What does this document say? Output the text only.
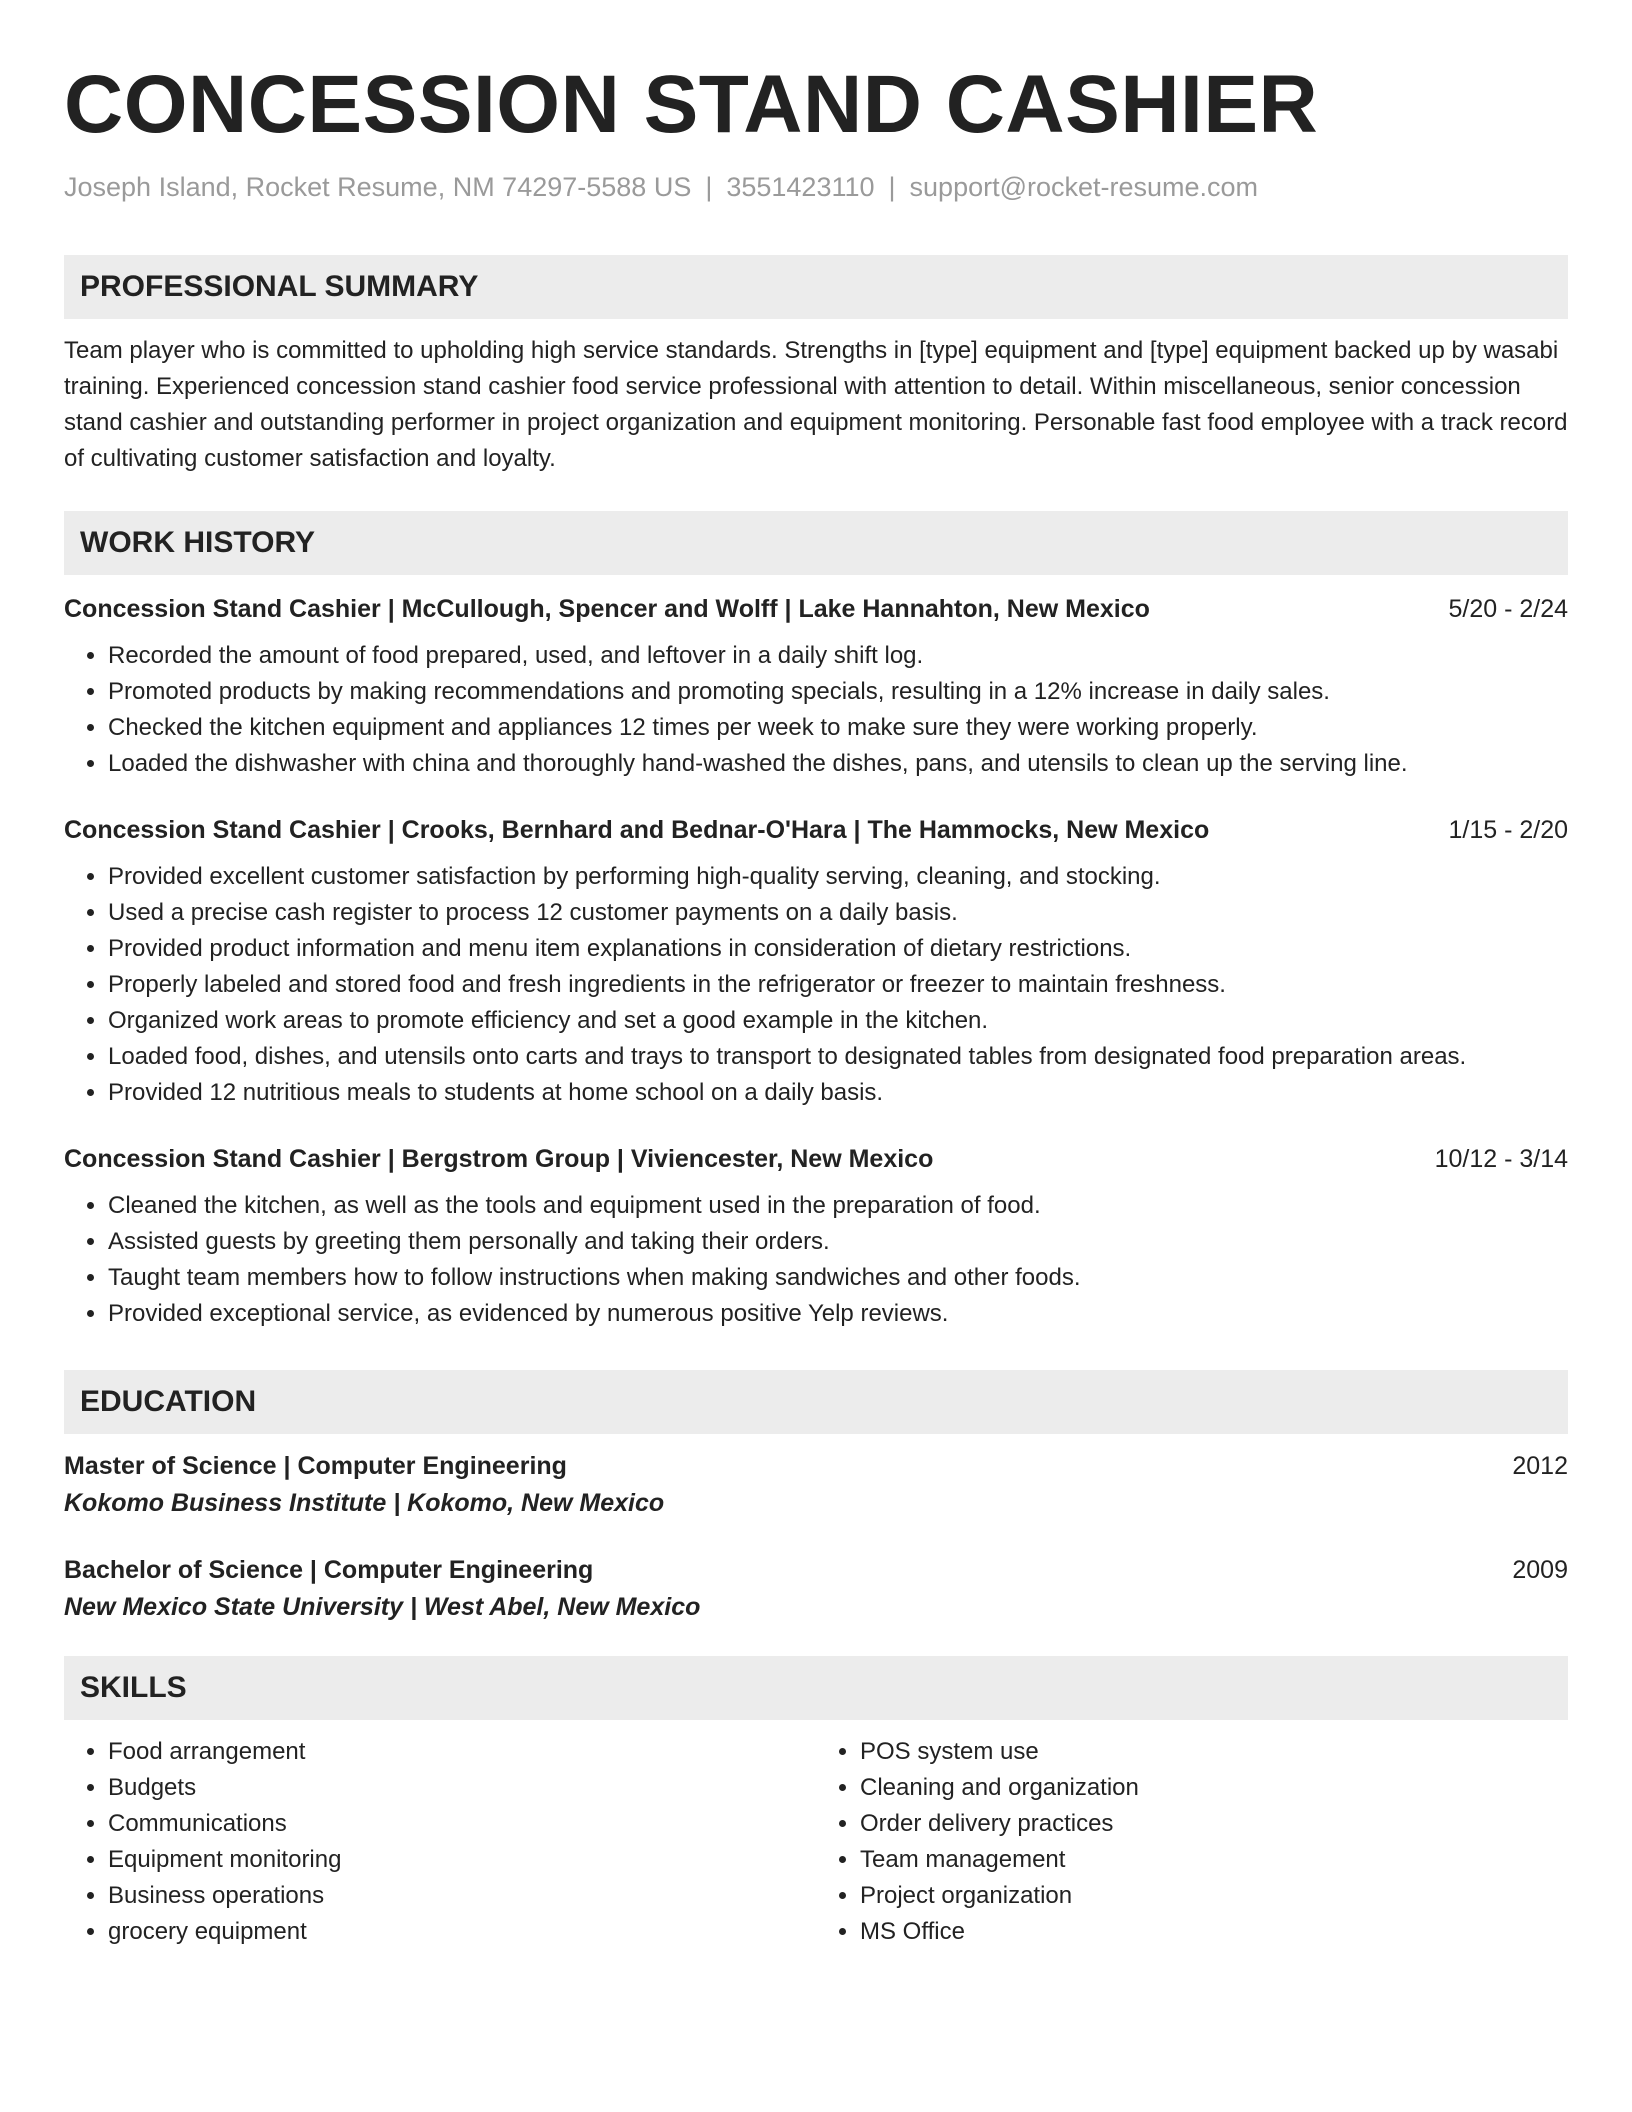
CONCESSION STAND CASHIER
Joseph Island, Rocket Resume, NM 74297-5588 US | 3551423110 | support@rocket-resume.com
PROFESSIONAL SUMMARY
Team player who is committed to upholding high service standards. Strengths in [type] equipment and [type] equipment backed up by wasabi training. Experienced concession stand cashier food service professional with attention to detail. Within miscellaneous, senior concession stand cashier and outstanding performer in project organization and equipment monitoring. Personable fast food employee with a track record of cultivating customer satisfaction and loyalty.
WORK HISTORY
Concession Stand Cashier | McCullough, Spencer and Wolff | Lake Hannahton, New Mexico	5/20 - 2/24
• Recorded the amount of food prepared, used, and leftover in a daily shift log.
• Promoted products by making recommendations and promoting specials, resulting in a 12% increase in daily sales.
• Checked the kitchen equipment and appliances 12 times per week to make sure they were working properly.
• Loaded the dishwasher with china and thoroughly hand-washed the dishes, pans, and utensils to clean up the serving line.
Concession Stand Cashier | Crooks, Bernhard and Bednar-O'Hara | The Hammocks, New Mexico	1/15 - 2/20
• Provided excellent customer satisfaction by performing high-quality serving, cleaning, and stocking.
• Used a precise cash register to process 12 customer payments on a daily basis.
• Provided product information and menu item explanations in consideration of dietary restrictions.
• Properly labeled and stored food and fresh ingredients in the refrigerator or freezer to maintain freshness.
• Organized work areas to promote efficiency and set a good example in the kitchen.
• Loaded food, dishes, and utensils onto carts and trays to transport to designated tables from designated food preparation areas.
• Provided 12 nutritious meals to students at home school on a daily basis.
Concession Stand Cashier | Bergstrom Group | Viviencester, New Mexico	10/12 - 3/14
• Cleaned the kitchen, as well as the tools and equipment used in the preparation of food.
• Assisted guests by greeting them personally and taking their orders.
• Taught team members how to follow instructions when making sandwiches and other foods.
• Provided exceptional service, as evidenced by numerous positive Yelp reviews.
EDUCATION
Master of Science | Computer Engineering	2012
Kokomo Business Institute | Kokomo, New Mexico
Bachelor of Science | Computer Engineering	2009
New Mexico State University | West Abel, New Mexico
SKILLS
• Food arrangement
• Budgets
• Communications
• Equipment monitoring
• Business operations
• grocery equipment
• POS system use
• Cleaning and organization
• Order delivery practices
• Team management
• Project organization
• MS Office
